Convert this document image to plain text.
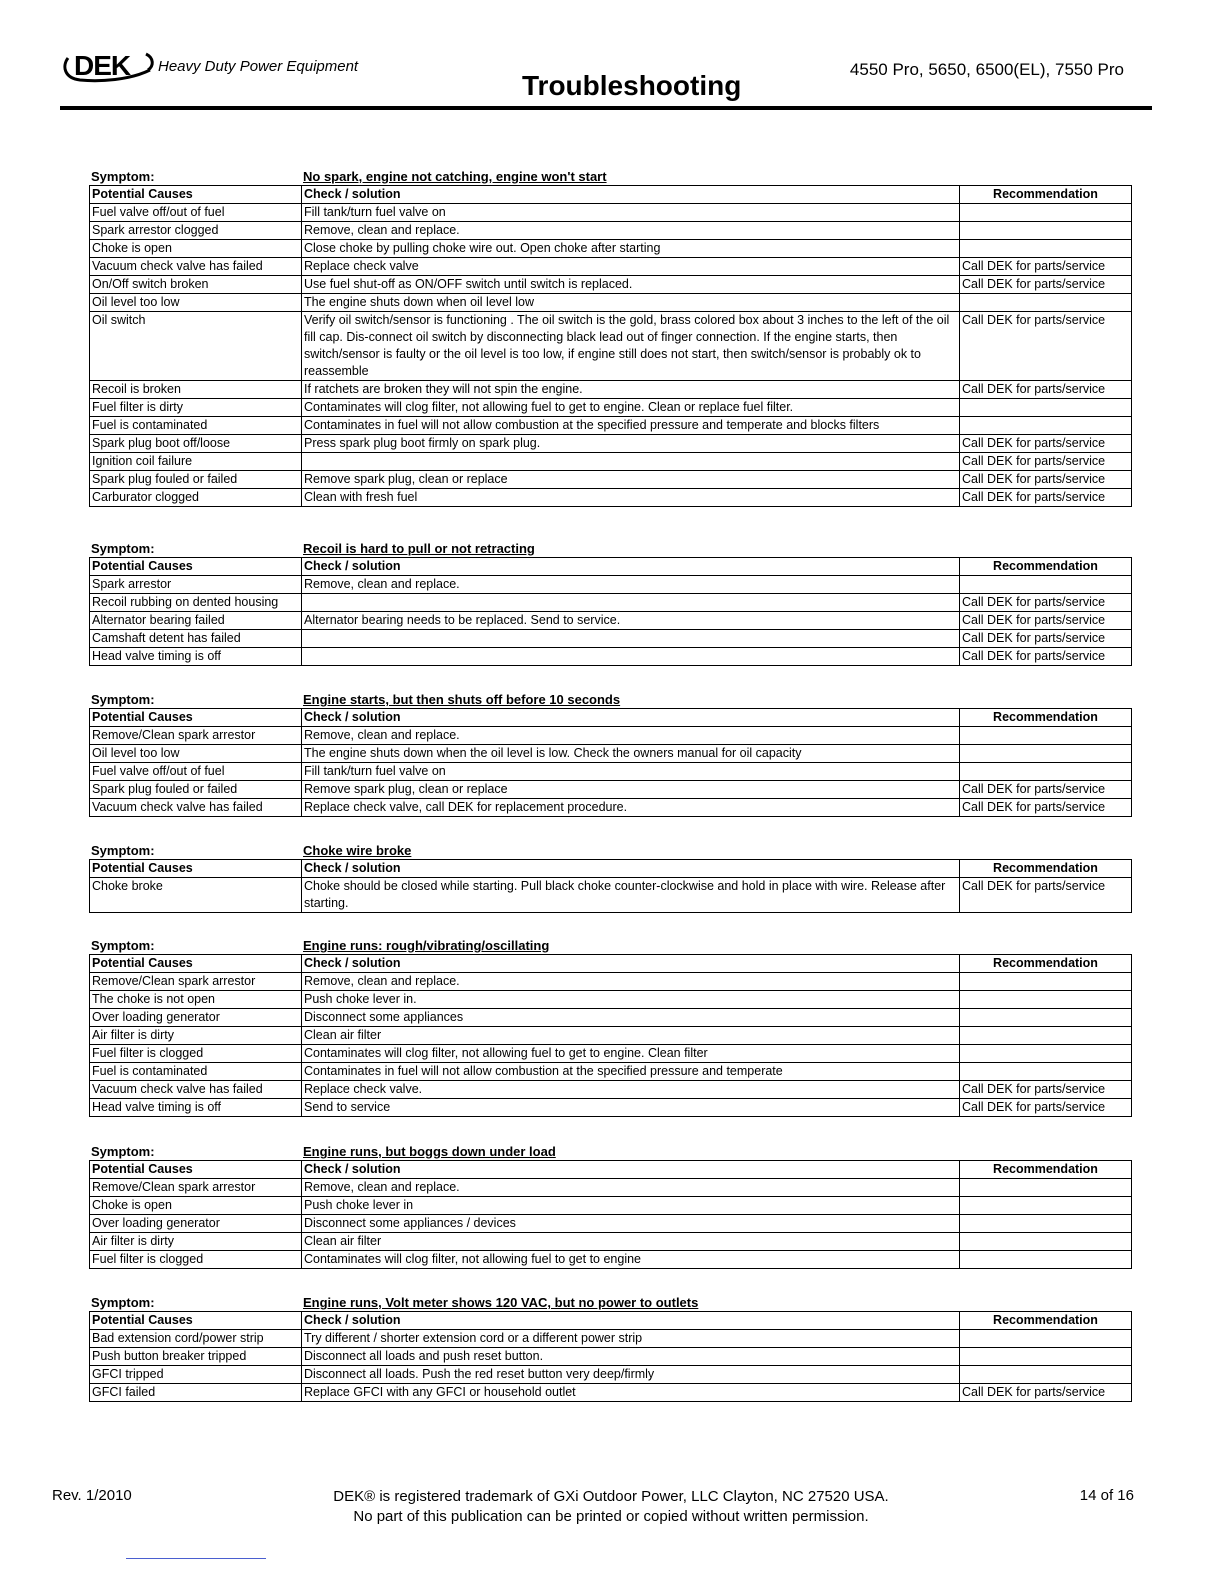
DEK Heavy Duty Power Equipment
Troubleshooting
4550 Pro, 5650, 6500(EL), 7550 Pro
Symptom:	No spark, engine not catching, engine won't start
Potential Causes	Check / solution	Recommendation
Fuel valve off/out of fuel	Fill tank/turn fuel valve on	
Spark arrestor clogged	Remove, clean and replace.	
Choke is open	Close choke by pulling choke wire out. Open choke after starting	
Vacuum check valve has failed	Replace check valve	Call DEK for parts/service
On/Off switch broken	Use fuel shut-off as ON/OFF switch until switch is replaced.	Call DEK for parts/service
Oil level too low	The engine shuts down when oil level low	
Oil switch	Verify oil switch/sensor is functioning . The oil switch is the gold, brass colored box about 3 inches to the left of the oil fill cap. Dis-connect oil switch by disconnecting black lead out of finger connection. If the engine starts, then switch/sensor is faulty or the oil level is too low, if engine still does not start, then switch/sensor is probably ok to reassemble	Call DEK for parts/service
Recoil is broken	If ratchets are broken they will not spin the engine.	Call DEK for parts/service
Fuel filter is dirty	Contaminates will clog filter, not allowing fuel to get to engine. Clean or replace fuel filter.	
Fuel is contaminated	Contaminates in fuel will not allow combustion at the specified pressure and temperate and blocks filters	
Spark plug boot off/loose	Press spark plug boot firmly on spark plug.	Call DEK for parts/service
Ignition coil failure		Call DEK for parts/service
Spark plug fouled or failed	Remove spark plug, clean or replace	Call DEK for parts/service
Carburator clogged	Clean with fresh fuel	Call DEK for parts/service
Symptom:	Recoil is hard to pull or not retracting
Potential Causes	Check / solution	Recommendation
Spark arrestor	Remove, clean and replace.	
Recoil rubbing on dented housing		Call DEK for parts/service
Alternator bearing failed	Alternator bearing needs to be replaced. Send to service.	Call DEK for parts/service
Camshaft detent has failed		Call DEK for parts/service
Head valve timing is off		Call DEK for parts/service
Symptom:	Engine starts, but then shuts off before 10 seconds
Potential Causes	Check / solution	Recommendation
Remove/Clean spark arrestor	Remove, clean and replace.	
Oil level too low	The engine shuts down when the oil level is low. Check the owners manual for oil capacity	
Fuel valve off/out of fuel	Fill tank/turn fuel valve on	
Spark plug fouled or failed	Remove spark plug, clean or replace	Call DEK for parts/service
Vacuum check valve has failed	Replace check valve, call DEK for replacement procedure.	Call DEK for parts/service
Symptom:	Choke wire broke
Potential Causes	Check / solution	Recommendation
Choke broke	Choke should be closed while starting. Pull black choke counter-clockwise and hold in place with wire. Release after starting.	Call DEK for parts/service
Symptom:	Engine runs: rough/vibrating/oscillating
Potential Causes	Check / solution	Recommendation
Remove/Clean spark arrestor	Remove, clean and replace.	
The choke is not open	Push choke lever in.	
Over loading generator	Disconnect some appliances	
Air filter is dirty	Clean air filter	
Fuel filter is clogged	Contaminates will clog filter, not allowing fuel to get to engine. Clean filter	
Fuel is contaminated	Contaminates in fuel will not allow combustion at the specified pressure and temperate	
Vacuum check valve has failed	Replace check valve.	Call DEK for parts/service
Head valve timing is off	Send to service	Call DEK for parts/service
Symptom:	Engine runs, but boggs down under load
Potential Causes	Check / solution	Recommendation
Remove/Clean spark arrestor	Remove, clean and replace.	
Choke is open	Push choke lever in	
Over loading generator	Disconnect some appliances / devices	
Air filter is dirty	Clean air filter	
Fuel filter is clogged	Contaminates will clog filter, not allowing fuel to get to engine	
Symptom:	Engine runs, Volt meter shows 120 VAC, but no power to outlets
Potential Causes	Check / solution	Recommendation
Bad extension cord/power strip	Try different / shorter extension cord or a different power strip	
Push button breaker tripped	Disconnect all loads and push reset button.	
GFCI tripped	Disconnect all loads. Push the red reset button very deep/firmly	
GFCI failed	Replace GFCI with any GFCI or household outlet	Call DEK for parts/service
Rev. 1/2010	DEK® is registered trademark of GXi Outdoor Power, LLC Clayton, NC 27520 USA.
No part of this publication can be printed or copied without written permission.
14 of 16
